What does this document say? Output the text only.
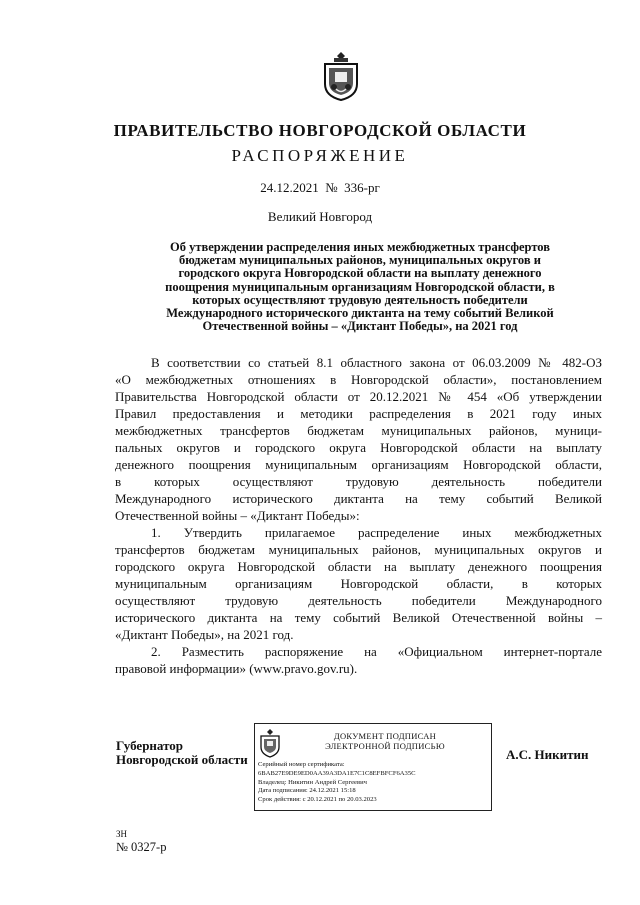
ПРАВИТЕЛЬСТВО НОВГОРОДСКОЙ ОБЛАСТИ
РАСПОРЯЖЕНИЕ
24.12.2021 № 336-рг
Великий Новгород
Об утверждении распределения иных межбюджетных трансфертов
бюджетам муниципальных районов, муниципальных округов и
городского округа Новгородской области на выплату денежного
поощрения муниципальным организациям Новгородской области, в
которых осуществляют трудовую деятельность победители
Международного исторического диктанта на тему событий Великой
Отечественной войны – «Диктант Победы», на 2021 год
В соответствии со статьей 8.1 областного закона от 06.03.2009 № 482-ОЗ
«О межбюджетных отношениях в Новгородской области», постановлением
Правительства Новгородской области от 20.12.2021 № 454 «Об утверждении
Правил предоставления и методики распределения в 2021 году иных
межбюджетных трансфертов бюджетам муниципальных районов, муници-
пальных округов и городского округа Новгородской области на выплату
денежного поощрения муниципальным организациям Новгородской области,
в которых осуществляют трудовую деятельность победители
Международного исторического диктанта на тему событий Великой
Отечественной войны – «Диктант Победы»:
1. Утвердить прилагаемое распределение иных межбюджетных
трансфертов бюджетам муниципальных районов, муниципальных округов и
городского округа Новгородской области на выплату денежного поощрения
муниципальным организациям Новгородской области, в которых
осуществляют трудовую деятельность победители Международного
исторического диктанта на тему событий Великой Отечественной войны –
«Диктант Победы», на 2021 год.
2. Разместить распоряжение на «Официальном интернет-портале
правовой информации» (www.pravo.gov.ru).
Губернатор
Новгородской области
ДОКУМЕНТ ПОДПИСАН
ЭЛЕКТРОННОЙ ПОДПИСЬЮ
Серийный номер сертификата:
6BAB27E9DE9ED0AA39A3DA1E7C1C8EFBFCF6A35C
Владелец: Никитин Андрей Сергеевич
Дата подписания: 24.12.2021 15:18
Срок действия: с 20.12.2021 по 20.03.2023
А.С. Никитин
ЗН
№ 0327-р
